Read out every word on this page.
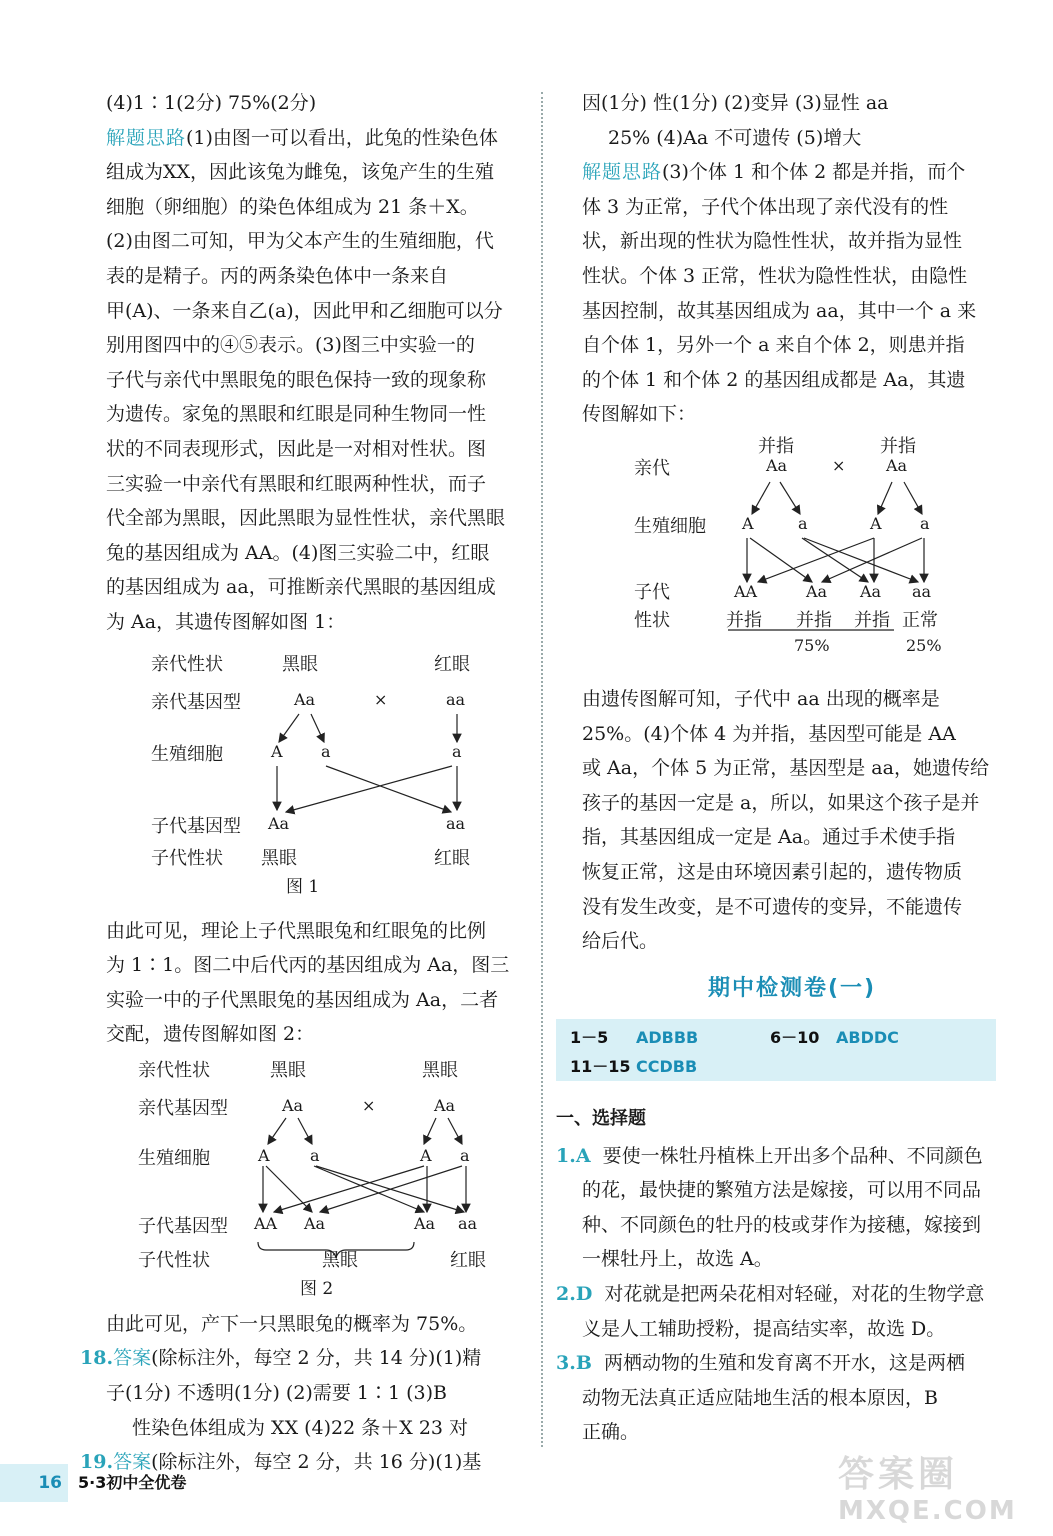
(4)1∶1(2分) 75%(2分)
解题思路(1)由图一可以看出，此兔的性染色体
组成为XX，因此该兔为雌兔，该兔产生的生殖
细胞（卵细胞）的染色体组成为 21 条＋X。
(2)由图二可知，甲为父本产生的生殖细胞，代
表的是精子。丙的两条染色体中一条来自
甲(A)、一条来自乙(a)，因此甲和乙细胞可以分
别用图四中的④⑤表示。(3)图三中实验一的
子代与亲代中黑眼兔的眼色保持一致的现象称
为遗传。家兔的黑眼和红眼是同种生物同一性
状的不同表现形式，因此是一对相对性状。图
三实验一中亲代有黑眼和红眼两种性状，而子
代全部为黑眼，因此黑眼为显性性状，亲代黑眼
兔的基因组成为 AA。(4)图三实验二中，红眼
的基因组成为 aa，可推断亲代黑眼的基因组成
为 Aa，其遗传图解如图 1：
亲代性状	黑眼	红眼
亲代基因型	Aa	×	aa
生殖细胞	A a	a
子代基因型 Aa	aa
子代性状 黑眼	红眼
图 1
由此可见，理论上子代黑眼兔和红眼兔的比例
为 1∶1。图二中后代丙的基因组成为 Aa，图三
实验一中的子代黑眼兔的基因组成为 Aa，二者
交配，遗传图解如图 2：
亲代性状	黑眼	黑眼
亲代基因型	Aa	×	Aa
生殖细胞	A	a	A a
子代基因型 AA Aa	Aa aa
子代性状	黑眼	红眼
图 2
由此可见，产下一只黑眼兔的概率为 75%。
18.答案(除标注外，每空 2 分，共 14 分)(1)精
子(1分) 不透明(1分) (2)需要 1∶1 (3)B
性染色体组成为 XX (4)22 条＋X 23 对
19.答案(除标注外，每空 2 分，共 16 分)(1)基
因(1分) 性(1分) (2)变异 (3)显性 aa
25% (4)Aa 不可遗传 (5)增大
解题思路(3)个体 1 和个体 2 都是并指，而个
体 3 为正常，子代个体出现了亲代没有的性
状，新出现的性状为隐性性状，故并指为显性
性状。个体 3 正常，性状为隐性性状，由隐性
基因控制，故其基因组成为 aa，其中一个 a 来
自个体 1，另外一个 a 来自个体 2，则患并指
的个体 1 和个体 2 的基因组成都是 Aa，其遗
传图解如下：
并指	并指
亲代	Aa	×	Aa
生殖细胞 A	a	A a
子代	AA	Aa Aa aa
性状	并指 并指 并指 正常
75%	25%
由遗传图解可知，子代中 aa 出现的概率是
25%。(4)个体 4 为并指，基因型可能是 AA
或 Aa，个体 5 为正常，基因型是 aa，她遗传给
孩子的基因一定是 a，所以，如果这个孩子是并
指，其基因组成一定是 Aa。通过手术使手指
恢复正常，这是由环境因素引起的，遗传物质
没有发生改变，是不可遗传的变异，不能遗传
给后代。
期中检测卷(一)
1－5 ADBBB	6－10 ABDDC
11－15 CCDBB
一、选择题
1.A 要使一株牡丹植株上开出多个品种、不同颜色
的花，最快捷的繁殖方法是嫁接，可以用不同品
种、不同颜色的牡丹的枝或芽作为接穗，嫁接到
一棵牡丹上，故选 A。
2.D 对花就是把两朵花相对轻碰，对花的生物学意
义是人工辅助授粉，提高结实率，故选 D。
3.B 两栖动物的生殖和发育离不开水，这是两栖
动物无法真正适应陆地生活的根本原因，B
正确。
16	5·3初中全优卷	答案圈
MXQE.COM
